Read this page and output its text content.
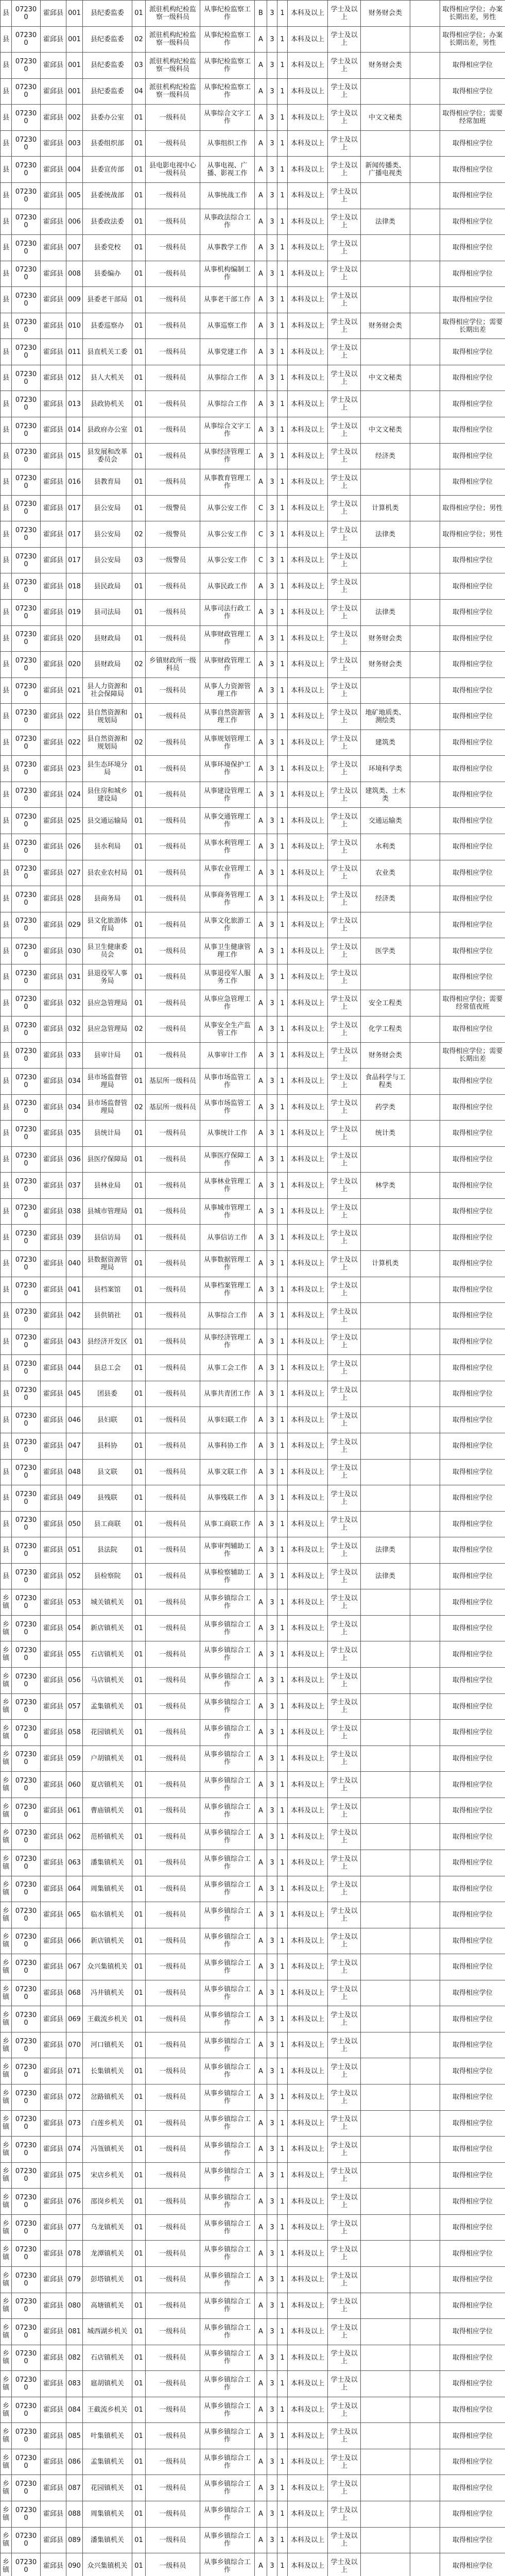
县	072300	霍邱县	001	县纪委监委	01	派驻机构纪检监察一级科员	从事纪检监察工作	B	3	1	本科及以上	学士及以上	财务财会类		取得相应学位；办案长期出差，男性
县	072300	霍邱县	001	县纪委监委	02	派驻机构纪检监察一级科员	从事纪检监察工作	A	3	1	本科及以上	学士及以上			取得相应学位；办案长期出差，男性
县	072300	霍邱县	001	县纪委监委	03	派驻机构纪检监察一级科员	从事纪检监察工作	A	3	1	本科及以上	学士及以上	财务财会类		取得相应学位
县	072300	霍邱县	001	县纪委监委	04	派驻机构纪检监察一级科员	从事纪检监察工作	A	3	1	本科及以上	学士及以上			取得相应学位
县	072300	霍邱县	002	县委办公室	01	一级科员	从事综合文字工作	A	3	1	本科及以上	学士及以上	中文文秘类		取得相应学位；需要经常加班
县	072300	霍邱县	003	县委组织部	01	一级科员	从事组织工作	A	3	1	本科及以上	学士及以上			取得相应学位
县	072300	霍邱县	004	县委宣传部	01	县电影电视中心一级科员	从事电视、广播、影视工作	A	3	1	本科及以上	学士及以上	新闻传播类、广播电视类		取得相应学位
县	072300	霍邱县	005	县委统战部	01	一级科员	从事统战工作	A	3	1	本科及以上	学士及以上			取得相应学位
县	072300	霍邱县	006	县委政法委	01	一级科员	从事政法综合工作	A	3	1	本科及以上	学士及以上	法律类		取得相应学位
县	072300	霍邱县	007	县委党校	01	一级科员	从事教学工作	A	3	1	本科及以上	学士及以上			取得相应学位
县	072300	霍邱县	008	县委编办	01	一级科员	从事机构编制工作	A	3	1	本科及以上	学士及以上			取得相应学位
县	072300	霍邱县	009	县委老干部局	01	一级科员	从事老干部工作	A	3	1	本科及以上	学士及以上			取得相应学位
县	072300	霍邱县	010	县委巡察办	01	一级科员	从事巡察工作	A	3	1	本科及以上	学士及以上	财务财会类		取得相应学位；需要长期出差
县	072300	霍邱县	011	县直机关工委	01	一级科员	从事党建工作	A	3	1	本科及以上	学士及以上			取得相应学位
县	072300	霍邱县	012	县人大机关	01	一级科员	从事综合工作	A	3	1	本科及以上	学士及以上	中文文秘类		取得相应学位
县	072300	霍邱县	013	县政协机关	01	一级科员	从事综合工作	A	3	1	本科及以上	学士及以上			取得相应学位
县	072300	霍邱县	014	县政府办公室	01	一级科员	从事综合文字工作	A	3	1	本科及以上	学士及以上	中文文秘类		取得相应学位
县	072300	霍邱县	015	县发展和改革委员会	01	一级科员	从事经济管理工作	A	3	1	本科及以上	学士及以上	经济类		取得相应学位
县	072300	霍邱县	016	县教育局	01	一级科员	从事教育管理工作	A	3	1	本科及以上	学士及以上			取得相应学位
县	072300	霍邱县	017	县公安局	01	一级警员	从事公安工作	C	3	1	本科及以上	学士及以上	计算机类		取得相应学位；男性
县	072300	霍邱县	017	县公安局	02	一级警员	从事公安工作	C	3	1	本科及以上	学士及以上	法律类		取得相应学位；男性
县	072300	霍邱县	017	县公安局	03	一级警员	从事公安工作	C	3	1	本科及以上	学士及以上			取得相应学位
县	072300	霍邱县	018	县民政局	01	一级科员	从事民政工作	A	3	1	本科及以上	学士及以上			取得相应学位
县	072300	霍邱县	019	县司法局	01	一级科员	从事司法行政工作	A	3	1	本科及以上	学士及以上	法律类		取得相应学位
县	072300	霍邱县	020	县财政局	01	一级科员	从事财政管理工作	A	3	1	本科及以上	学士及以上	财务财会类		取得相应学位
县	072300	霍邱县	020	县财政局	02	乡镇财政所一级科员	从事财政管理工作	A	3	1	本科及以上	学士及以上	财务财会类		取得相应学位
县	072300	霍邱县	021	县人力资源和社会保障局	01	一级科员	从事人力资源管理工作	A	3	1	本科及以上	学士及以上			取得相应学位
县	072300	霍邱县	022	县自然资源和规划局	01	一级科员	从事自然资源管理工作	A	3	1	本科及以上	学士及以上	地矿地质类、测绘类		取得相应学位
县	072300	霍邱县	022	县自然资源和规划局	02	一级科员	从事规划管理工作	A	3	1	本科及以上	学士及以上	建筑类		取得相应学位
县	072300	霍邱县	023	县生态环境分局	01	一级科员	从事环境保护工作	A	3	1	本科及以上	学士及以上	环境科学类		取得相应学位
县	072300	霍邱县	024	县住房和城乡建设局	01	一级科员	从事建设管理工作	A	3	1	本科及以上	学士及以上	建筑类、土木类		取得相应学位
县	072300	霍邱县	025	县交通运输局	01	一级科员	从事交通管理工作	A	3	1	本科及以上	学士及以上	交通运输类		取得相应学位
县	072300	霍邱县	026	县水利局	01	一级科员	从事水利管理工作	A	3	1	本科及以上	学士及以上	水利类		取得相应学位
县	072300	霍邱县	027	县农业农村局	01	一级科员	从事农业管理工作	A	3	1	本科及以上	学士及以上	农业类		取得相应学位
县	072300	霍邱县	028	县商务局	01	一级科员	从事商务管理工作	A	3	1	本科及以上	学士及以上	经济类		取得相应学位
县	072300	霍邱县	029	县文化旅游体育局	01	一级科员	从事文化旅游工作	A	3	1	本科及以上	学士及以上			取得相应学位
县	072300	霍邱县	030	县卫生健康委员会	01	一级科员	从事卫生健康管理工作	A	3	1	本科及以上	学士及以上	医学类		取得相应学位
县	072300	霍邱县	031	县退役军人事务局	01	一级科员	从事退役军人服务工作	A	3	1	本科及以上	学士及以上			取得相应学位
县	072300	霍邱县	032	县应急管理局	01	一级科员	从事应急管理工作	A	3	1	本科及以上	学士及以上	安全工程类		取得相应学位；需要经常值夜班
县	072300	霍邱县	032	县应急管理局	02	一级科员	从事安全生产监管工作	A	3	1	本科及以上	学士及以上	化学工程类		取得相应学位
县	072300	霍邱县	033	县审计局	01	一级科员	从事审计工作	A	3	1	本科及以上	学士及以上	财务财会类		取得相应学位；需要长期出差
县	072300	霍邱县	034	县市场监督管理局	01	基层所一级科员	从事市场监管工作	A	3	1	本科及以上	学士及以上	食品科学与工程类		取得相应学位
县	072300	霍邱县	034	县市场监督管理局	02	基层所一级科员	从事市场监管工作	A	3	1	本科及以上	学士及以上	药学类		取得相应学位
县	072300	霍邱县	035	县统计局	01	一级科员	从事统计工作	A	3	1	本科及以上	学士及以上	统计类		取得相应学位
县	072300	霍邱县	036	县医疗保障局	01	一级科员	从事医疗保障工作	A	3	1	本科及以上	学士及以上			取得相应学位
县	072300	霍邱县	037	县林业局	01	一级科员	从事林业管理工作	A	3	1	本科及以上	学士及以上	林学类		取得相应学位
县	072300	霍邱县	038	县城市管理局	01	一级科员	从事城市管理工作	A	3	1	本科及以上	学士及以上			取得相应学位
县	072300	霍邱县	039	县信访局	01	一级科员	从事信访工作	A	3	1	本科及以上	学士及以上			取得相应学位
县	072300	霍邱县	040	县数据资源管理局	01	一级科员	从事数据管理工作	A	3	1	本科及以上	学士及以上	计算机类		取得相应学位
县	072300	霍邱县	041	县档案馆	01	一级科员	从事档案管理工作	A	3	1	本科及以上	学士及以上			取得相应学位
县	072300	霍邱县	042	县供销社	01	一级科员	从事综合工作	A	3	1	本科及以上	学士及以上			取得相应学位
县	072300	霍邱县	043	县经济开发区	01	一级科员	从事经济管理工作	A	3	1	本科及以上	学士及以上			取得相应学位
县	072300	霍邱县	044	县总工会	01	一级科员	从事工会工作	A	3	1	本科及以上	学士及以上			取得相应学位
县	072300	霍邱县	045	团县委	01	一级科员	从事共青团工作	A	3	1	本科及以上	学士及以上			取得相应学位
县	072300	霍邱县	046	县妇联	01	一级科员	从事妇联工作	A	3	1	本科及以上	学士及以上			取得相应学位
县	072300	霍邱县	047	县科协	01	一级科员	从事科协工作	A	3	1	本科及以上	学士及以上			取得相应学位
县	072300	霍邱县	048	县文联	01	一级科员	从事文联工作	A	3	1	本科及以上	学士及以上			取得相应学位
县	072300	霍邱县	049	县残联	01	一级科员	从事残联工作	A	3	1	本科及以上	学士及以上			取得相应学位
县	072300	霍邱县	050	县工商联	01	一级科员	从事工商联工作	A	3	1	本科及以上	学士及以上			取得相应学位
县	072300	霍邱县	051	县法院	01	一级科员	从事审判辅助工作	A	3	1	本科及以上	学士及以上	法律类		取得相应学位
县	072300	霍邱县	052	县检察院	01	一级科员	从事检察辅助工作	A	3	1	本科及以上	学士及以上	法律类		取得相应学位
乡镇	072300	霍邱县	053	城关镇机关	01	一级科员	从事乡镇综合工作	A	3	1	本科及以上	学士及以上			取得相应学位
乡镇	072300	霍邱县	054	新店镇机关	01	一级科员	从事乡镇综合工作	A	3	1	本科及以上	学士及以上			取得相应学位
乡镇	072300	霍邱县	055	石店镇机关	01	一级科员	从事乡镇综合工作	A	3	1	本科及以上	学士及以上			取得相应学位
乡镇	072300	霍邱县	056	马店镇机关	01	一级科员	从事乡镇综合工作	A	3	1	本科及以上	学士及以上			取得相应学位
乡镇	072300	霍邱县	057	孟集镇机关	01	一级科员	从事乡镇综合工作	A	3	1	本科及以上	学士及以上			取得相应学位
乡镇	072300	霍邱县	058	花园镇机关	01	一级科员	从事乡镇综合工作	A	3	1	本科及以上	学士及以上			取得相应学位
乡镇	072300	霍邱县	059	户胡镇机关	01	一级科员	从事乡镇综合工作	A	3	1	本科及以上	学士及以上			取得相应学位
乡镇	072300	霍邱县	060	夏店镇机关	01	一级科员	从事乡镇综合工作	A	3	1	本科及以上	学士及以上			取得相应学位
乡镇	072300	霍邱县	061	曹庙镇机关	01	一级科员	从事乡镇综合工作	A	3	1	本科及以上	学士及以上			取得相应学位
乡镇	072300	霍邱县	062	范桥镇机关	01	一级科员	从事乡镇综合工作	A	3	1	本科及以上	学士及以上			取得相应学位
乡镇	072300	霍邱县	063	潘集镇机关	01	一级科员	从事乡镇综合工作	A	3	1	本科及以上	学士及以上			取得相应学位
乡镇	072300	霍邱县	064	周集镇机关	01	一级科员	从事乡镇综合工作	A	3	1	本科及以上	学士及以上			取得相应学位
乡镇	072300	霍邱县	065	临水镇机关	01	一级科员	从事乡镇综合工作	A	3	1	本科及以上	学士及以上			取得相应学位
乡镇	072300	霍邱县	066	新店镇机关	01	一级科员	从事乡镇综合工作	A	3	1	本科及以上	学士及以上			取得相应学位
乡镇	072300	霍邱县	067	众兴集镇机关	01	一级科员	从事乡镇综合工作	A	3	1	本科及以上	学士及以上			取得相应学位
乡镇	072300	霍邱县	068	冯井镇机关	01	一级科员	从事乡镇综合工作	A	3	1	本科及以上	学士及以上			取得相应学位
乡镇	072300	霍邱县	069	王截流乡机关	01	一级科员	从事乡镇综合工作	A	3	1	本科及以上	学士及以上			取得相应学位
乡镇	072300	霍邱县	070	河口镇机关	01	一级科员	从事乡镇综合工作	A	3	1	本科及以上	学士及以上			取得相应学位
乡镇	072300	霍邱县	071	长集镇机关	01	一级科员	从事乡镇综合工作	A	3	1	本科及以上	学士及以上			取得相应学位
乡镇	072300	霍邱县	072	岔路镇机关	01	一级科员	从事乡镇综合工作	A	3	1	本科及以上	学士及以上			取得相应学位
乡镇	072300	霍邱县	073	白莲乡机关	01	一级科员	从事乡镇综合工作	A	3	1	本科及以上	学士及以上			取得相应学位
乡镇	072300	霍邱县	074	冯瓴镇机关	01	一级科员	从事乡镇综合工作	A	3	1	本科及以上	学士及以上			取得相应学位
乡镇	072300	霍邱县	075	宋店乡机关	01	一级科员	从事乡镇综合工作	A	3	1	本科及以上	学士及以上			取得相应学位
乡镇	072300	霍邱县	076	邵岗乡机关	01	一级科员	从事乡镇综合工作	A	3	1	本科及以上	学士及以上			取得相应学位
乡镇	072300	霍邱县	077	乌龙镇机关	01	一级科员	从事乡镇综合工作	A	3	1	本科及以上	学士及以上			取得相应学位
乡镇	072300	霍邱县	078	龙潭镇机关	01	一级科员	从事乡镇综合工作	A	3	1	本科及以上	学士及以上			取得相应学位
乡镇	072300	霍邱县	079	彭塔镇机关	01	一级科员	从事乡镇综合工作	A	3	1	本科及以上	学士及以上			取得相应学位
乡镇	072300	霍邱县	080	高塘镇机关	01	一级科员	从事乡镇综合工作	A	3	1	本科及以上	学士及以上			取得相应学位
乡镇	072300	霍邱县	081	城西湖乡机关	01	一级科员	从事乡镇综合工作	A	3	1	本科及以上	学士及以上			取得相应学位
乡镇	072300	霍邱县	082	石店镇机关	01	一级科员	从事乡镇综合工作	A	3	1	本科及以上	学士及以上			取得相应学位
乡镇	072300	霍邱县	083	扈胡镇机关	01	一级科员	从事乡镇综合工作	A	3	1	本科及以上	学士及以上			取得相应学位
乡镇	072300	霍邱县	084	王截流乡机关	01	一级科员	从事乡镇综合工作	A	3	1	本科及以上	学士及以上			取得相应学位
乡镇	072300	霍邱县	085	叶集镇机关	01	一级科员	从事乡镇综合工作	A	3	1	本科及以上	学士及以上			取得相应学位
乡镇	072300	霍邱县	086	孟集镇机关	01	一级科员	从事乡镇综合工作	A	3	1	本科及以上	学士及以上			取得相应学位
乡镇	072300	霍邱县	087	花园镇机关	01	一级科员	从事乡镇综合工作	A	3	1	本科及以上	学士及以上			取得相应学位
乡镇	072300	霍邱县	088	周集镇机关	01	一级科员	从事乡镇综合工作	A	3	1	本科及以上	学士及以上			取得相应学位
乡镇	072300	霍邱县	089	潘集镇机关	01	一级科员	从事乡镇综合工作	A	3	1	本科及以上	学士及以上			取得相应学位
乡镇	072300	霍邱县	090	众兴集镇机关	01	一级科员	从事乡镇综合工作	A	3	1	本科及以上	学士及以上			取得相应学位
